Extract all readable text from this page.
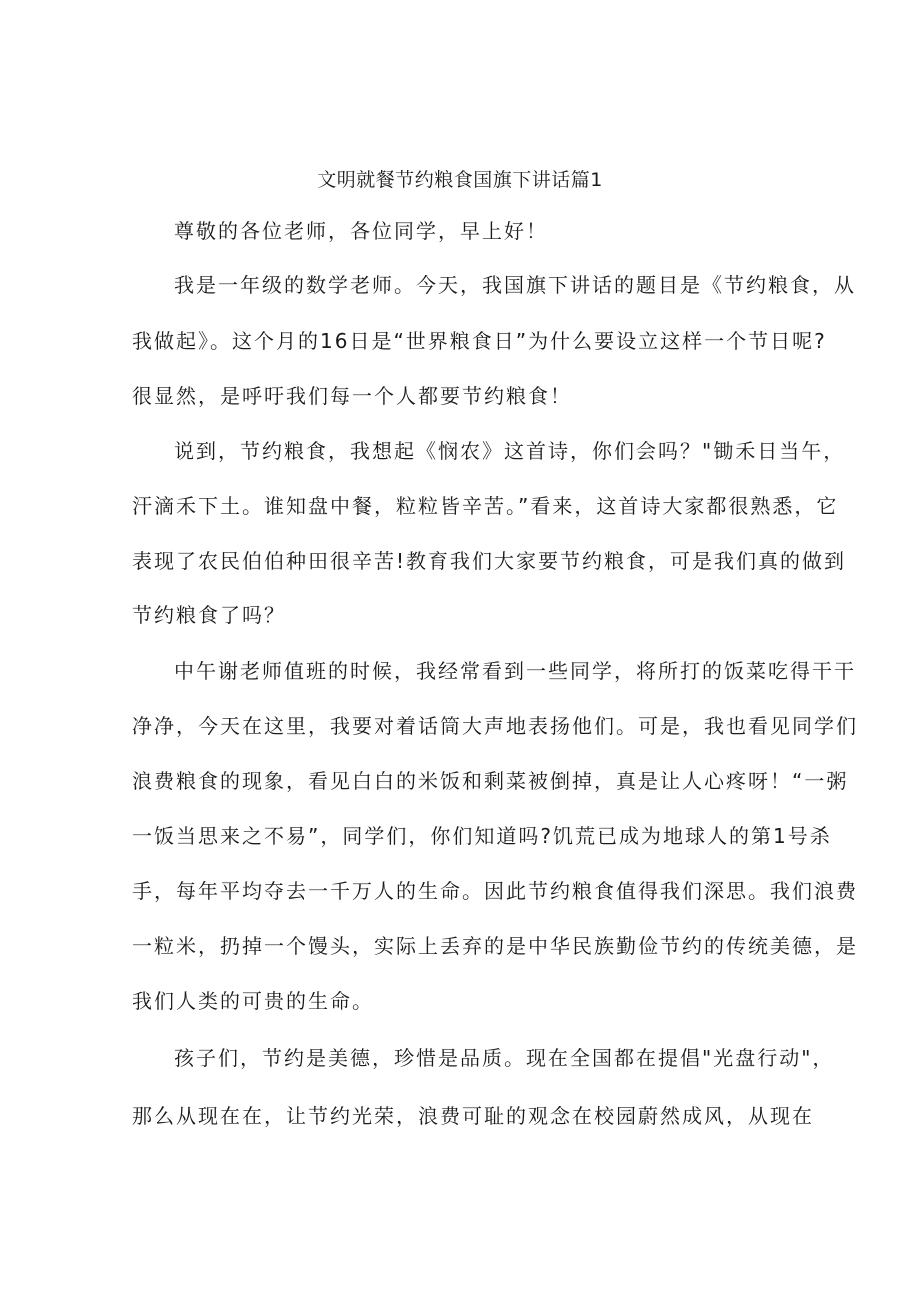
文明就餐节约粮食国旗下讲话篇1
尊敬的各位老师，各位同学，早上好！
我是一年级的数学老师。今天，我国旗下讲话的题目是《节约粮食，从
我做起》。这个月的16日是“世界粮食日”为什么要设立这样一个节日呢?
很显然，是呼吁我们每一个人都要节约粮食！
说到，节约粮食，我想起《悯农》这首诗，你们会吗？"锄禾日当午，
汗滴禾下土。谁知盘中餐，粒粒皆辛苦。”看来，这首诗大家都很熟悉，它
表现了农民伯伯种田很辛苦!教育我们大家要节约粮食，可是我们真的做到
节约粮食了吗？
中午谢老师值班的时候，我经常看到一些同学，将所打的饭菜吃得干干
净净，今天在这里，我要对着话筒大声地表扬他们。可是，我也看见同学们
浪费粮食的现象，看见白白的米饭和剩菜被倒掉，真是让人心疼呀！“一粥
一饭当思来之不易”，同学们，你们知道吗?饥荒已成为地球人的第1号杀
手，每年平均夺去一千万人的生命。因此节约粮食值得我们深思。我们浪费
一粒米，扔掉一个馒头，实际上丢弃的是中华民族勤俭节约的传统美德，是
我们人类的可贵的生命。
孩子们，节约是美德，珍惜是品质。现在全国都在提倡"光盘行动"，
那么从现在在，让节约光荣，浪费可耻的观念在校园蔚然成风，从现在
